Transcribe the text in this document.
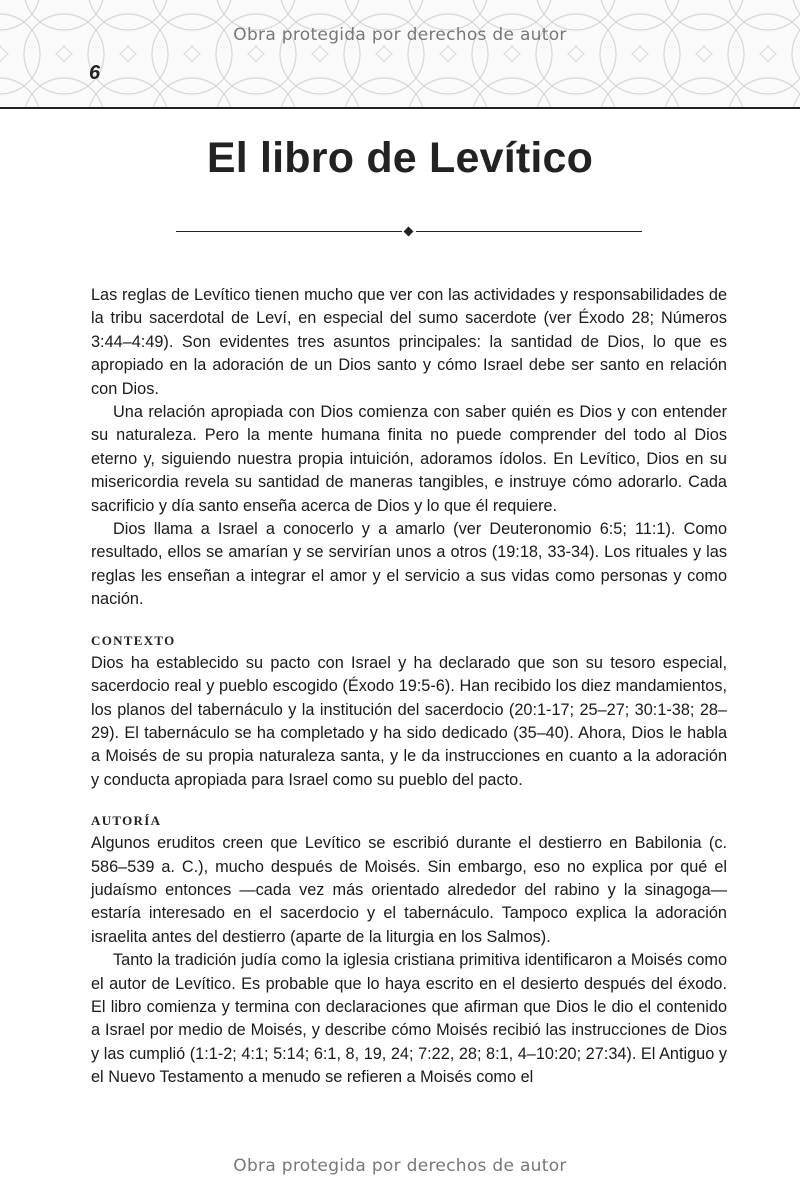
Obra protegida por derechos de autor
6
El libro de Levítico

Las reglas de Levítico tienen mucho que ver con las actividades y responsabilidades de la tribu sacerdotal de Leví, en especial del sumo sacerdote (ver Éxodo 28; Números 3:44–4:49). Son evidentes tres asuntos principales: la santidad de Dios, lo que es apropiado en la adoración de un Dios santo y cómo Israel debe ser santo en relación con Dios.

Una relación apropiada con Dios comienza con saber quién es Dios y con entender su naturaleza. Pero la mente humana finita no puede comprender del todo al Dios eterno y, siguiendo nuestra propia intuición, adoramos ídolos. En Levítico, Dios en su misericordia revela su santidad de maneras tangibles, e instruye cómo adorarlo. Cada sacrificio y día santo enseña acerca de Dios y lo que él requiere.

Dios llama a Israel a conocerlo y a amarlo (ver Deuteronomio 6:5; 11:1). Como resultado, ellos se amarían y se servirían unos a otros (19:18, 33-34). Los rituales y las reglas les enseñan a integrar el amor y el servicio a sus vidas como personas y como nación.

CONTEXTO

Dios ha establecido su pacto con Israel y ha declarado que son su tesoro especial, sacerdocio real y pueblo escogido (Éxodo 19:5-6). Han recibido los diez mandamientos, los planos del tabernáculo y la institución del sacerdocio (20:1-17; 25–27; 30:1-38; 28–29). El tabernáculo se ha completado y ha sido dedicado (35–40). Ahora, Dios le habla a Moisés de su propia naturaleza santa, y le da instrucciones en cuanto a la adoración y conducta apropiada para Israel como su pueblo del pacto.

AUTORÍA

Algunos eruditos creen que Levítico se escribió durante el destierro en Babilonia (c. 586–539 a. C.), mucho después de Moisés. Sin embargo, eso no explica por qué el judaísmo entonces —cada vez más orientado alrededor del rabino y la sinagoga— estaría interesado en el sacerdocio y el tabernáculo. Tampoco explica la adoración israelita antes del destierro (aparte de la liturgia en los Salmos).

Tanto la tradición judía como la iglesia cristiana primitiva identificaron a Moisés como el autor de Levítico. Es probable que lo haya escrito en el desierto después del éxodo. El libro comienza y termina con declaraciones que afirman que Dios le dio el contenido a Israel por medio de Moisés, y describe cómo Moisés recibió las instrucciones de Dios y las cumplió (1:1-2; 4:1; 5:14; 6:1, 8, 19, 24; 7:22, 28; 8:1, 4–10:20; 27:34). El Antiguo y el Nuevo Testamento a menudo se refieren a Moisés como el

Obra protegida por derechos de autor
